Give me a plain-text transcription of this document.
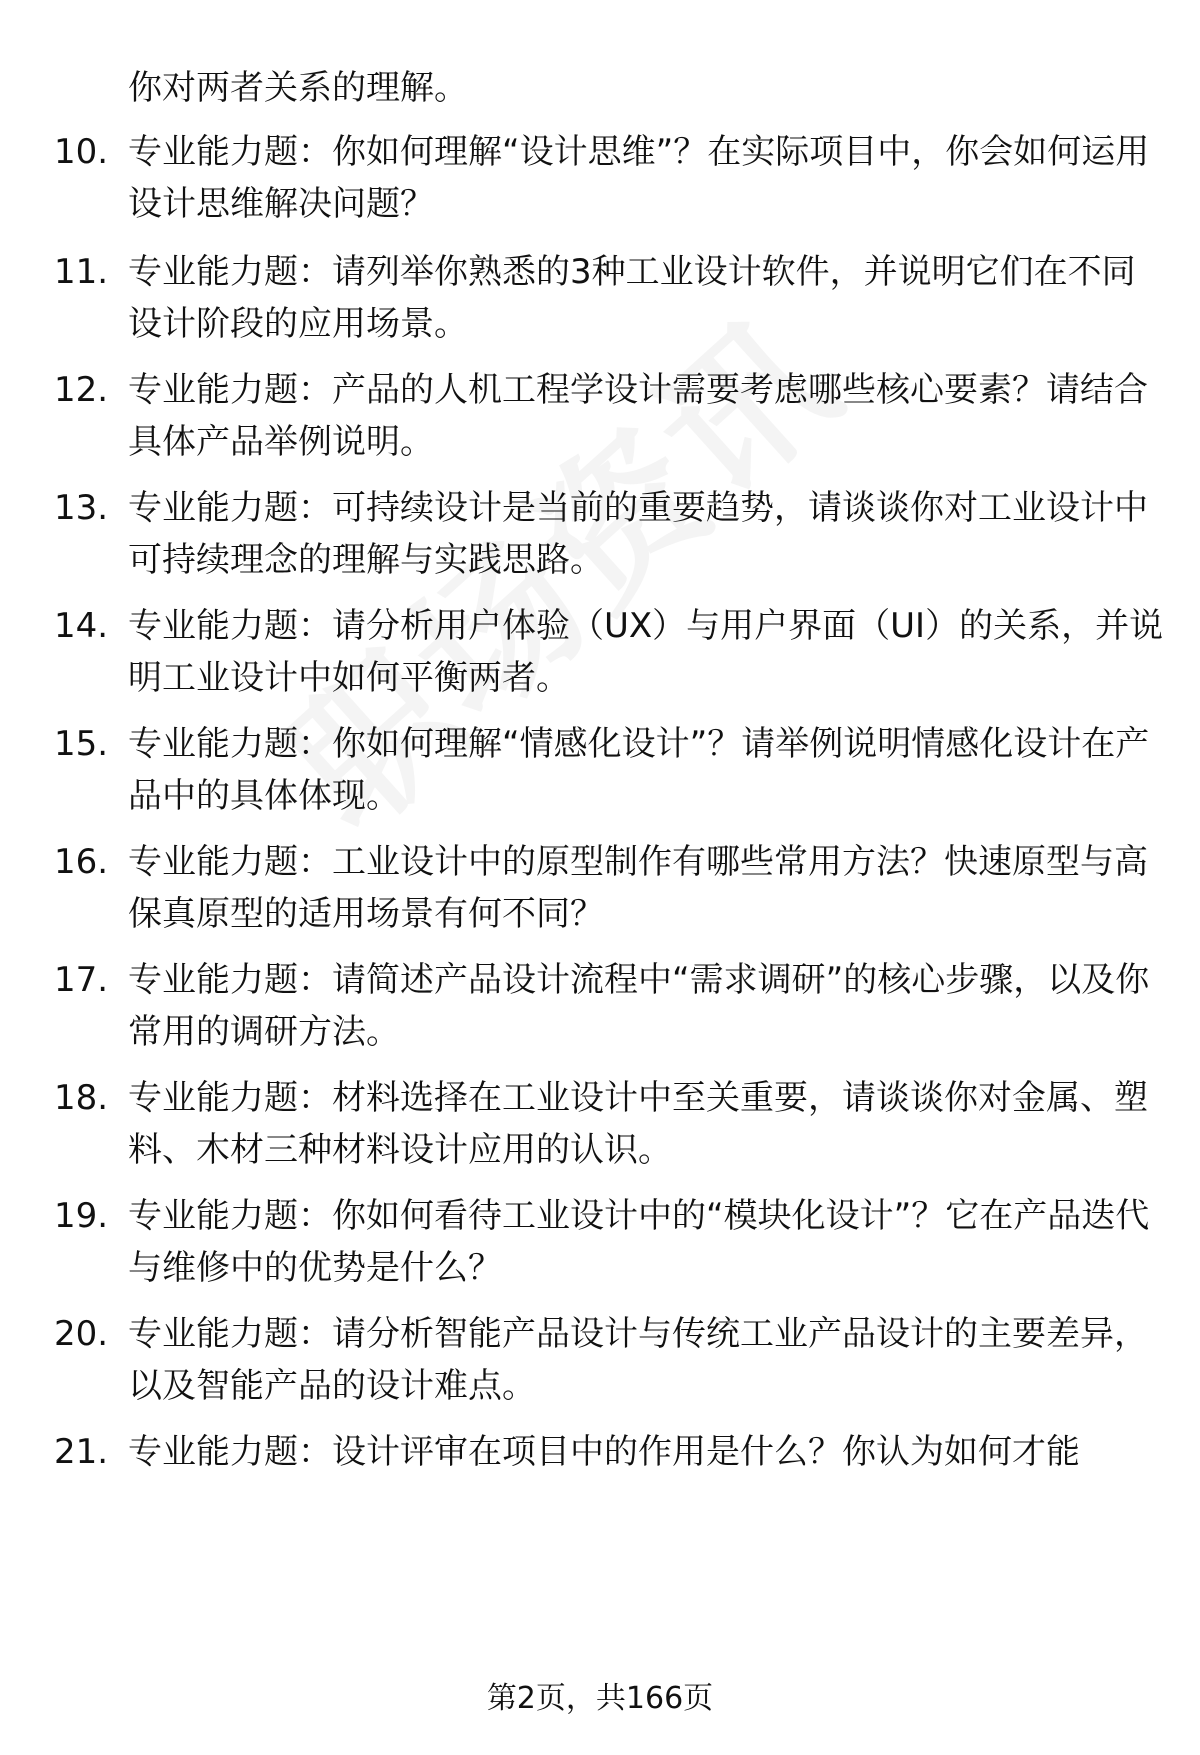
你对两者关系的理解。
10. 专业能力题：你如何理解“设计思维”？在实际项目中，你会如何运用设计思维解决问题？
11. 专业能力题：请列举你熟悉的3种工业设计软件，并说明它们在不同设计阶段的应用场景。
12. 专业能力题：产品的人机工程学设计需要考虑哪些核心要素？请结合具体产品举例说明。
13. 专业能力题：可持续设计是当前的重要趋势，请谈谈你对工业设计中可持续理念的理解与实践思路。
14. 专业能力题：请分析用户体验（UX）与用户界面（UI）的关系，并说明工业设计中如何平衡两者。
15. 专业能力题：你如何理解“情感化设计”？请举例说明情感化设计在产品中的具体体现。
16. 专业能力题：工业设计中的原型制作有哪些常用方法？快速原型与高保真原型的适用场景有何不同？
17. 专业能力题：请简述产品设计流程中“需求调研”的核心步骤，以及你常用的调研方法。
18. 专业能力题：材料选择在工业设计中至关重要，请谈谈你对金属、塑料、木材三种材料设计应用的认识。
19. 专业能力题：你如何看待工业设计中的“模块化设计”？它在产品迭代与维修中的优势是什么？
20. 专业能力题：请分析智能产品设计与传统工业产品设计的主要差异，以及智能产品的设计难点。
21. 专业能力题：设计评审在项目中的作用是什么？你认为如何才能
第2页，共166页
